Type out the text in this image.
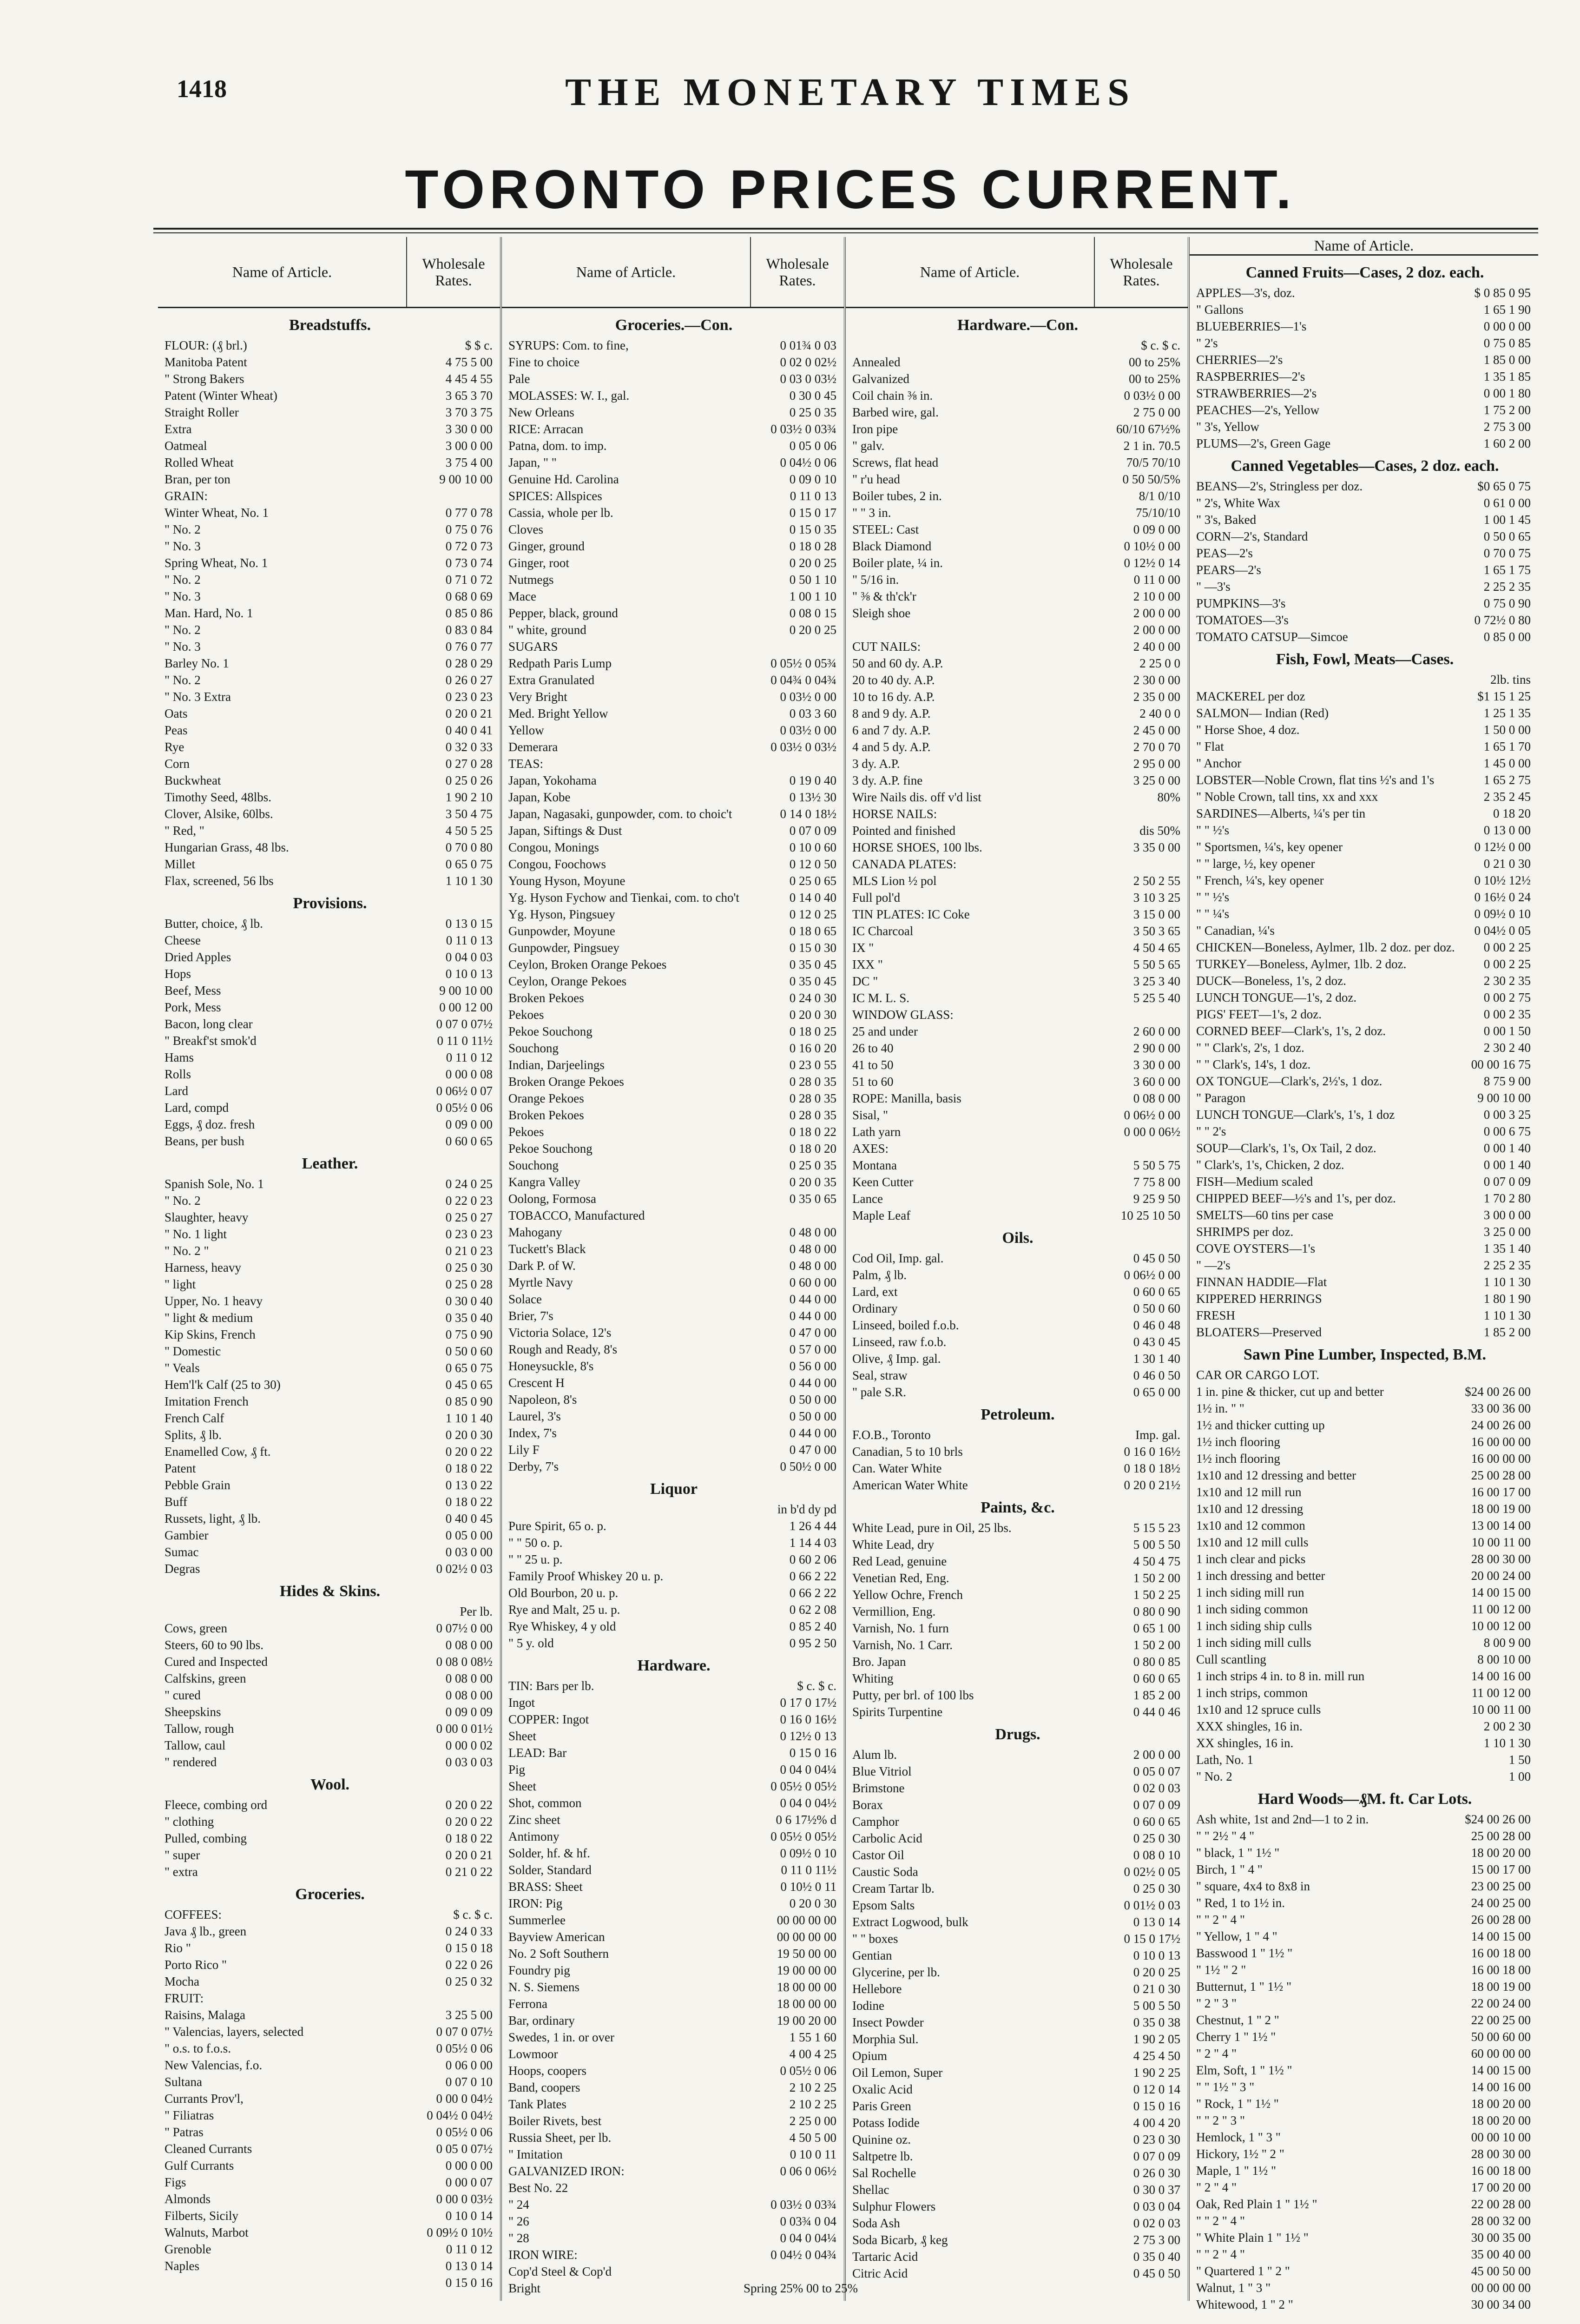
1418	THE MONETARY TIMES
TORONTO PRICES CURRENT.
Name of Article.	Wholesale Rates.
Breadstuffs.
FLOUR: (₰ brl.)	$ $ c.
Manitoba Patent	4 75 5 00
" Strong Bakers	4 45 4 55
Patent (Winter Wheat)	3 65 3 70
Straight Roller	3 70 3 75
Extra	3 30 0 00
Oatmeal	3 00 0 00
Rolled Wheat	3 75 4 00
Bran, per ton	9 00 10 00
GRAIN:
Winter Wheat, No. 1	0 77 0 78
" No. 2	0 75 0 76
" No. 3	0 72 0 73
Spring Wheat, No. 1	0 73 0 74
" No. 2	0 71 0 72
" No. 3	0 68 0 69
Man. Hard, No. 1	0 85 0 86
" No. 2	0 83 0 84
" No. 3	0 76 0 77
Barley No. 1	0 28 0 29
" No. 2	0 26 0 27
" No. 3 Extra	0 23 0 23
Oats	0 20 0 21
Peas	0 40 0 41
Rye	0 32 0 33
Corn	0 27 0 28
Buckwheat	0 25 0 26
Timothy Seed, 48lbs.	1 90 2 10
Clover, Alsike, 60lbs.	3 50 4 75
" Red, "	4 50 5 25
Hungarian Grass, 48 lbs.	0 70 0 80
Millet	0 65 0 75
Flax, screened, 56 lbs	1 10 1 30
Provisions.
Butter, choice, ₰ lb.	0 13 0 15
Cheese	0 11 0 13
Dried Apples	0 04 0 03
Hops	0 10 0 13
Beef, Mess	9 00 10 00
Pork, Mess	0 00 12 00
Bacon, long clear	0 07 0 07½
" Breakf'st smok'd	0 11 0 11½
Hams	0 11 0 12
Rolls	0 00 0 08
Lard	0 06½ 0 07
Lard, compd	0 05½ 0 06
Eggs, ₰ doz. fresh	0 09 0 00
Beans, per bush	0 60 0 65
Leather.
Spanish Sole, No. 1	0 24 0 25
" No. 2	0 22 0 23
Slaughter, heavy	0 25 0 27
" No. 1 light	0 23 0 23
" No. 2 "	0 21 0 23
Harness, heavy	0 25 0 30
" light	0 25 0 28
Upper, No. 1 heavy	0 30 0 40
" light & medium	0 35 0 40
Kip Skins, French	0 75 0 90
" Domestic	0 50 0 60
" Veals	0 65 0 75
Hem'l'k Calf (25 to 30)	0 45 0 65
Imitation French	0 85 0 90
French Calf	1 10 1 40
Splits, ₰ lb.	0 20 0 30
Enamelled Cow, ₰ ft.	0 20 0 22
Patent	0 18 0 22
Pebble Grain	0 13 0 22
Buff	0 18 0 22
Russets, light, ₰ lb.	0 40 0 45
Gambier	0 05 0 00
Sumac	0 03 0 00
Degras	0 02½ 0 03
Hides & Skins.
Per lb.
Cows, green	0 07½ 0 00
Steers, 60 to 90 lbs.	0 08 0 00
Cured and Inspected	0 08 0 08½
Calfskins, green	0 08 0 00
" cured	0 08 0 00
Sheepskins	0 09 0 09
Tallow, rough	0 00 0 01½
Tallow, caul	0 00 0 02
" rendered	0 03 0 03
Wool.
Fleece, combing ord	0 20 0 22
" clothing	0 20 0 22
Pulled, combing	0 18 0 22
" super	0 20 0 21
" extra	0 21 0 22
Groceries.
COFFEES:	$ c. $ c.
Java ₰ lb., green	0 24 0 33
Rio "	0 15 0 18
Porto Rico "	0 22 0 26
Mocha	0 25 0 32
FRUIT:
Raisins, Malaga	3 25 5 00
" Valencias, layers, selected	0 07 0 07½
" o.s. to f.o.s.	0 05½ 0 06
New Valencias, f.o.	0 06 0 00
Sultana	0 07 0 10
Currants Prov'l,	0 00 0 04½
" Filiatras	0 04½ 0 04½
" Patras	0 05½ 0 06
Cleaned Currants	0 05 0 07½
Gulf Currants	0 00 0 00
Figs	0 00 0 07
Almonds	0 00 0 03½
Filberts, Sicily	0 10 0 14
Walnuts, Marbot	0 09½ 0 10½
Grenoble	0 11 0 12
Naples	0 13 0 14
0 15 0 16
Name of Article.	Wholesale Rates.
Groceries.—Con.
SYRUPS: Com. to fine,	0 01¾ 0 03
Fine to choice	0 02 0 02½
Pale	0 03 0 03½
MOLASSES: W. I., gal.	0 30 0 45
New Orleans	0 25 0 35
RICE: Arracan	0 03½ 0 03¾
Patna, dom. to imp.	0 05 0 06
Japan, " "	0 04½ 0 06
Genuine Hd. Carolina	0 09 0 10
SPICES: Allspices	0 11 0 13
Cassia, whole per lb.	0 15 0 17
Cloves	0 15 0 35
Ginger, ground	0 18 0 28
Ginger, root	0 20 0 25
Nutmegs	0 50 1 10
Mace	1 00 1 10
Pepper, black, ground	0 08 0 15
" white, ground	0 20 0 25
SUGARS
Redpath Paris Lump	0 05½ 0 05¾
Extra Granulated	0 04¾ 0 04¾
Very Bright	0 03½ 0 00
Med. Bright Yellow	0 03 3 60
Yellow	0 03½ 0 00
Demerara	0 03½ 0 03½
TEAS:
Japan, Yokohama	0 19 0 40
Japan, Kobe	0 13½ 30
Japan, Nagasaki, gunpowder, com. to choic't	0 14 0 18½
Japan, Siftings & Dust	0 07 0 09
Congou, Monings	0 10 0 60
Congou, Foochows	0 12 0 50
Young Hyson, Moyune	0 25 0 65
Yg. Hyson Fychow and Tienkai, com. to cho't	0 14 0 40
Yg. Hyson, Pingsuey	0 12 0 25
Gunpowder, Moyune	0 18 0 65
Gunpowder, Pingsuey	0 15 0 30
Ceylon, Broken Orange Pekoes	0 35 0 45
Ceylon, Orange Pekoes	0 35 0 45
Broken Pekoes	0 24 0 30
Pekoes	0 20 0 30
Pekoe Souchong	0 18 0 25
Souchong	0 16 0 20
Indian, Darjeelings	0 23 0 55
Broken Orange Pekoes	0 28 0 35
Orange Pekoes	0 28 0 35
Broken Pekoes	0 28 0 35
Pekoes	0 18 0 22
Pekoe Souchong	0 18 0 20
Souchong	0 25 0 35
Kangra Valley	0 20 0 35
Oolong, Formosa	0 35 0 65
TOBACCO, Manufactured
Mahogany	0 48 0 00
Tuckett's Black	0 48 0 00
Dark P. of W.	0 48 0 00
Myrtle Navy	0 60 0 00
Solace	0 44 0 00
Brier, 7's	0 44 0 00
Victoria Solace, 12's	0 47 0 00
Rough and Ready, 8's	0 57 0 00
Honeysuckle, 8's	0 56 0 00
Crescent H	0 44 0 00
Napoleon, 8's	0 50 0 00
Laurel, 3's	0 50 0 00
Index, 7's	0 44 0 00
Lily F	0 47 0 00
Derby, 7's	0 50½ 0 00
Liquor
in b'd dy pd
Pure Spirit, 65 o. p.	1 26 4 44
" " 50 o. p.	1 14 4 03
" " 25 u. p.	0 60 2 06
Family Proof Whiskey 20 u. p.	0 66 2 22
Old Bourbon, 20 u. p.	0 66 2 22
Rye and Malt, 25 u. p.	0 62 2 08
Rye Whiskey, 4 y old	0 85 2 40
" 5 y. old	0 95 2 50
Hardware.
TIN: Bars per lb.	$ c. $ c.
Ingot	0 17 0 17½
COPPER: Ingot	0 16 0 16½
Sheet	0 12½ 0 13
LEAD: Bar	0 15 0 16
Pig	0 04 0 04¼
Sheet	0 05½ 0 05½
Shot, common	0 04 0 04½
Zinc sheet	0 6 17½% d
Antimony	0 05½ 0 05½
Solder, hf. & hf.	0 09½ 0 10
Solder, Standard	0 11 0 11½
BRASS: Sheet	0 10½ 0 11
IRON: Pig	0 20 0 30
Summerlee	00 00 00 00
Bayview American	00 00 00 00
No. 2 Soft Southern	19 50 00 00
Foundry pig	19 00 00 00
N. S. Siemens	18 00 00 00
Ferrona	18 00 00 00
Bar, ordinary	19 00 20 00
Swedes, 1 in. or over	1 55 1 60
Lowmoor	4 00 4 25
Hoops, coopers	0 05½ 0 06
Band, coopers	2 10 2 25
Tank Plates	2 10 2 25
Boiler Rivets, best	2 25 0 00
Russia Sheet, per lb.	4 50 5 00
" Imitation	0 10 0 11
GALVANIZED IRON:	0 06 0 06½
Best No. 22
" 24	0 03½ 0 03¾
" 26	0 03¾ 0 04
" 28	0 04 0 04¼
IRON WIRE:	0 04½ 0 04¾
Cop'd Steel & Cop'd
Bright	Spring 25% 00 to 25%
Name of Article.	Wholesale Rates.
Hardware.—Con.
$ c. $ c.
Annealed	00 to 25%
Galvanized	00 to 25%
Coil chain ⅜ in.	0 03½ 0 00
Barbed wire, gal.	2 75 0 00
Iron pipe	60/10 67½%
" galv.	2 1 in. 70.5
Screws, flat head	70/5 70/10
" r'u head	0 50 50/5%
Boiler tubes, 2 in.	8/1 0/10
" " 3 in.	75/10/10
STEEL: Cast	0 09 0 00
Black Diamond	0 10½ 0 00
Boiler plate, ¼ in.	0 12½ 0 14
" 5/16 in.	0 11 0 00
" ⅜ & th'ck'r	2 10 0 00
Sleigh shoe	2 00 0 00
2 00 0 00
CUT NAILS:	2 40 0 00
50 and 60 dy. A.P.	2 25 0 0
20 to 40 dy. A.P.	2 30 0 00
10 to 16 dy. A.P.	2 35 0 00
8 and 9 dy. A.P.	2 40 0 0
6 and 7 dy. A.P.	2 45 0 00
4 and 5 dy. A.P.	2 70 0 70
3 dy. A.P.	2 95 0 00
3 dy. A.P. fine	3 25 0 00
Wire Nails dis. off v'd list	80%
HORSE NAILS:
Pointed and finished	dis 50%
HORSE SHOES, 100 lbs.	3 35 0 00
CANADA PLATES:
MLS Lion ½ pol	2 50 2 55
Full pol'd	3 10 3 25
TIN PLATES: IC Coke	3 15 0 00
IC Charcoal	3 50 3 65
IX "	4 50 4 65
IXX "	5 50 5 65
DC "	3 25 3 40
IC M. L. S.	5 25 5 40
WINDOW GLASS:
25 and under	2 60 0 00
26 to 40	2 90 0 00
41 to 50	3 30 0 00
51 to 60	3 60 0 00
ROPE: Manilla, basis	0 08 0 00
Sisal, "	0 06½ 0 00
Lath yarn	0 00 0 06½
AXES:
Montana	5 50 5 75
Keen Cutter	7 75 8 00
Lance	9 25 9 50
Maple Leaf	10 25 10 50
Oils.
Cod Oil, Imp. gal.	0 45 0 50
Palm, ₰ lb.	0 06½ 0 00
Lard, ext	0 60 0 65
Ordinary	0 50 0 60
Linseed, boiled f.o.b.	0 46 0 48
Linseed, raw f.o.b.	0 43 0 45
Olive, ₰ Imp. gal.	1 30 1 40
Seal, straw	0 46 0 50
" pale S.R.	0 65 0 00
Petroleum.
F.O.B., Toronto	Imp. gal.
Canadian, 5 to 10 brls	0 16 0 16½
Can. Water White	0 18 0 18½
American Water White	0 20 0 21½
Paints, &c.
White Lead, pure in Oil, 25 lbs.	5 15 5 23
White Lead, dry	5 00 5 50
Red Lead, genuine	4 50 4 75
Venetian Red, Eng.	1 50 2 00
Yellow Ochre, French	1 50 2 25
Vermillion, Eng.	0 80 0 90
Varnish, No. 1 furn	0 65 1 00
Varnish, No. 1 Carr.	1 50 2 00
Bro. Japan	0 80 0 85
Whiting	0 60 0 65
Putty, per brl. of 100 lbs	1 85 2 00
Spirits Turpentine	0 44 0 46
Drugs.
Alum lb.	2 00 0 00
Blue Vitriol	0 05 0 07
Brimstone	0 02 0 03
Borax	0 07 0 09
Camphor	0 60 0 65
Carbolic Acid	0 25 0 30
Castor Oil	0 08 0 10
Caustic Soda	0 02½ 0 05
Cream Tartar lb.	0 25 0 30
Epsom Salts	0 01½ 0 03
Extract Logwood, bulk	0 13 0 14
" " boxes	0 15 0 17½
Gentian	0 10 0 13
Glycerine, per lb.	0 20 0 25
Hellebore	0 21 0 30
Iodine	5 00 5 50
Insect Powder	0 35 0 38
Morphia Sul.	1 90 2 05
Opium	4 25 4 50
Oil Lemon, Super	1 90 2 25
Oxalic Acid	0 12 0 14
Paris Green	0 15 0 16
Potass Iodide	4 00 4 20
Quinine oz.	0 23 0 30
Saltpetre lb.	0 07 0 09
Sal Rochelle	0 26 0 30
Shellac	0 30 0 37
Sulphur Flowers	0 03 0 04
Soda Ash	0 02 0 03
Soda Bicarb, ₰ keg	2 75 3 00
Tartaric Acid	0 35 0 40
Citric Acid	0 45 0 50
Name of Article.
Canned Fruits—Cases, 2 doz. each.
APPLES—3's, doz.	$ 0 85 0 95
" Gallons	1 65 1 90
BLUEBERRIES—1's	0 00 0 00
" 2's	0 75 0 85
CHERRIES—2's	1 85 0 00
RASPBERRIES—2's	1 35 1 85
STRAWBERRIES—2's	0 00 1 80
PEACHES—2's, Yellow	1 75 2 00
" 3's, Yellow	2 75 3 00
PLUMS—2's, Green Gage	1 60 2 00
Canned Vegetables—Cases, 2 doz. each.
BEANS—2's, Stringless per doz.	$0 65 0 75
" 2's, White Wax	0 61 0 00
" 3's, Baked	1 00 1 45
CORN—2's, Standard	0 50 0 65
PEAS—2's	0 70 0 75
PEARS—2's	1 65 1 75
" —3's	2 25 2 35
PUMPKINS—3's	0 75 0 90
TOMATOES—3's	0 72½ 0 80
TOMATO CATSUP—Simcoe	0 85 0 00
Fish, Fowl, Meats—Cases.
2lb. tins
MACKEREL per doz	$1 15 1 25
SALMON— Indian (Red)	1 25 1 35
" Horse Shoe, 4 doz.	1 50 0 00
" Flat	1 65 1 70
" Anchor	1 45 0 00
LOBSTER—Noble Crown, flat tins ½'s and 1's	1 65 2 75
" Noble Crown, tall tins, xx and xxx	2 35 2 45
SARDINES—Alberts, ¼'s per tin	0 18 20
" " ½'s	0 13 0 00
" Sportsmen, ¼'s, key opener	0 12½ 0 00
" " large, ½, key opener	0 21 0 30
" French, ¼'s, key opener	0 10½ 12½
" " ½'s	0 16½ 0 24
" " ¼'s	0 09½ 0 10
" Canadian, ¼'s	0 04½ 0 05
CHICKEN—Boneless, Aylmer, 1lb. 2 doz. per doz.	0 00 2 25
TURKEY—Boneless, Aylmer, 1lb. 2 doz.	0 00 2 25
DUCK—Boneless, 1's, 2 doz.	2 30 2 35
LUNCH TONGUE—1's, 2 doz.	0 00 2 75
PIGS' FEET—1's, 2 doz.	0 00 2 35
CORNED BEEF—Clark's, 1's, 2 doz.	0 00 1 50
" " Clark's, 2's, 1 doz.	2 30 2 40
" " Clark's, 14's, 1 doz.	00 00 16 75
OX TONGUE—Clark's, 2½'s, 1 doz.	8 75 9 00
" Paragon	9 00 10 00
LUNCH TONGUE—Clark's, 1's, 1 doz	0 00 3 25
" " 2's	0 00 6 75
SOUP—Clark's, 1's, Ox Tail, 2 doz.	0 00 1 40
" Clark's, 1's, Chicken, 2 doz.	0 00 1 40
FISH—Medium scaled	0 07 0 09
CHIPPED BEEF—½'s and 1's, per doz.	1 70 2 80
SMELTS—60 tins per case	3 00 0 00
SHRIMPS per doz.	3 25 0 00
COVE OYSTERS—1's	1 35 1 40
" —2's	2 25 2 35
FINNAN HADDIE—Flat	1 10 1 30
KIPPERED HERRINGS	1 80 1 90
FRESH	1 10 1 30
BLOATERS—Preserved	1 85 2 00
Sawn Pine Lumber, Inspected, B.M.
CAR OR CARGO LOT.
1 in. pine & thicker, cut up and better	$24 00 26 00
1½ in. " "	33 00 36 00
1½ and thicker cutting up	24 00 26 00
1½ inch flooring	16 00 00 00
1½ inch flooring	16 00 00 00
1x10 and 12 dressing and better	25 00 28 00
1x10 and 12 mill run	16 00 17 00
1x10 and 12 dressing	18 00 19 00
1x10 and 12 common	13 00 14 00
1x10 and 12 mill culls	10 00 11 00
1 inch clear and picks	28 00 30 00
1 inch dressing and better	20 00 24 00
1 inch siding mill run	14 00 15 00
1 inch siding common	11 00 12 00
1 inch siding ship culls	10 00 12 00
1 inch siding mill culls	8 00 9 00
Cull scantling	8 00 10 00
1 inch strips 4 in. to 8 in. mill run	14 00 16 00
1 inch strips, common	11 00 12 00
1x10 and 12 spruce culls	10 00 11 00
XXX shingles, 16 in.	2 00 2 30
XX shingles, 16 in.	1 10 1 30
Lath, No. 1	1 50
" No. 2	1 00
Hard Woods—₰M. ft. Car Lots.
Ash white, 1st and 2nd—1 to 2 in.	$24 00 26 00
" " 2½ " 4 "	25 00 28 00
" black, 1 " 1½ "	18 00 20 00
Birch, 1 " 4 "	15 00 17 00
" square, 4x4 to 8x8 in	23 00 25 00
" Red, 1 to 1½ in.	24 00 25 00
" " 2 " 4 "	26 00 28 00
" Yellow, 1 " 4 "	14 00 15 00
Basswood 1 " 1½ "	16 00 18 00
" 1½ " 2 "	16 00 18 00
Butternut, 1 " 1½ "	18 00 19 00
" 2 " 3 "	22 00 24 00
Chestnut, 1 " 2 "	22 00 25 00
Cherry 1 " 1½ "	50 00 60 00
" 2 " 4 "	60 00 00 00
Elm, Soft, 1 " 1½ "	14 00 15 00
" " 1½ " 3 "	14 00 16 00
" Rock, 1 " 1½ "	18 00 20 00
" " 2 " 3 "	18 00 20 00
Hemlock, 1 " 3 "	00 00 10 00
Hickory, 1½ " 2 "	28 00 30 00
Maple, 1 " 1½ "	16 00 18 00
" 2 " 4 "	17 00 20 00
Oak, Red Plain 1 " 1½ "	22 00 28 00
" " 2 " 4 "	28 00 32 00
" White Plain 1 " 1½ "	30 00 35 00
" " 2 " 4 "	35 00 40 00
" Quartered 1 " 2 "	45 00 50 00
Walnut, 1 " 3 "	00 00 00 00
Whitewood, 1 " 2 "	30 00 34 00
